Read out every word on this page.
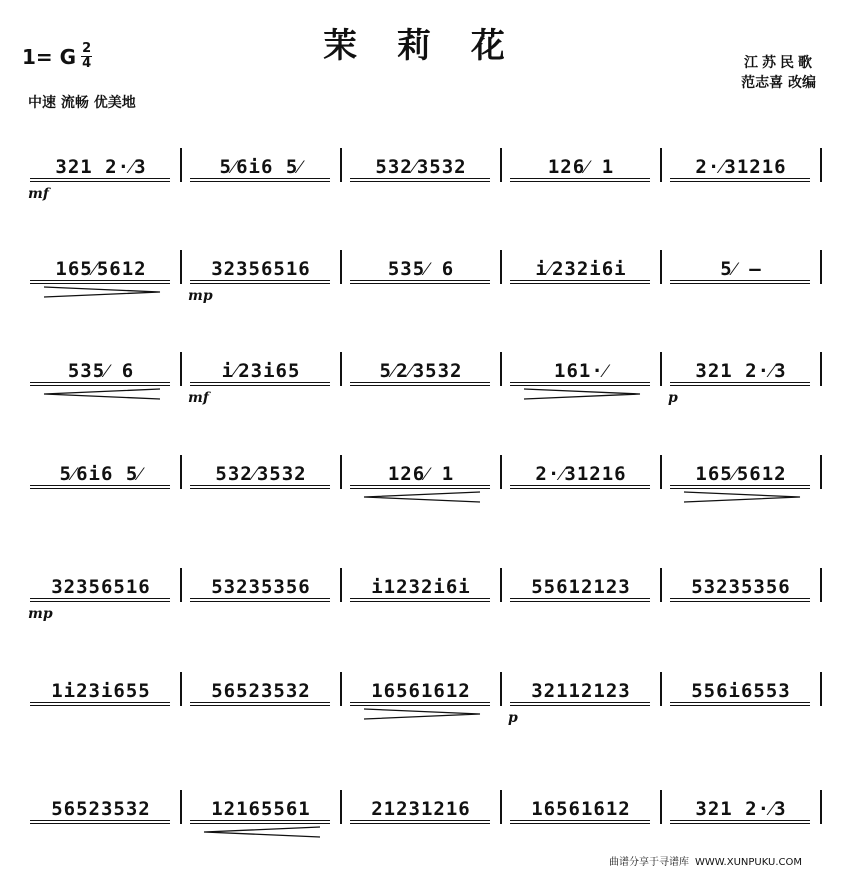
茉 莉 花
1= G $\frac{2}{4}$
中速 流畅 优美地
江苏民歌
范志喜 改编
321 2·⁄3	5⁄6i6 5⁄	532⁄3532	126⁄ 1	2·⁄31216
mf
165⁄5612	32356516	535⁄ 6	i⁄232i6i	5⁄ –
mp
535⁄ 6	i⁄23i65	5⁄2⁄3532	161·⁄	321 2·⁄3
mf	p
5⁄6i6 5⁄	532⁄3532	126⁄ 1	2·⁄31216	165⁄5612
32356516	53235356	i1232i6i	55612123	53235356
mp
1i23i655	56523532	16561612	32112123	556i6553
p
56523532	12165561	21231216	16561612	321 2·⁄3
曲谱分享于寻谱库 WWW.XUNPUKU.COM
